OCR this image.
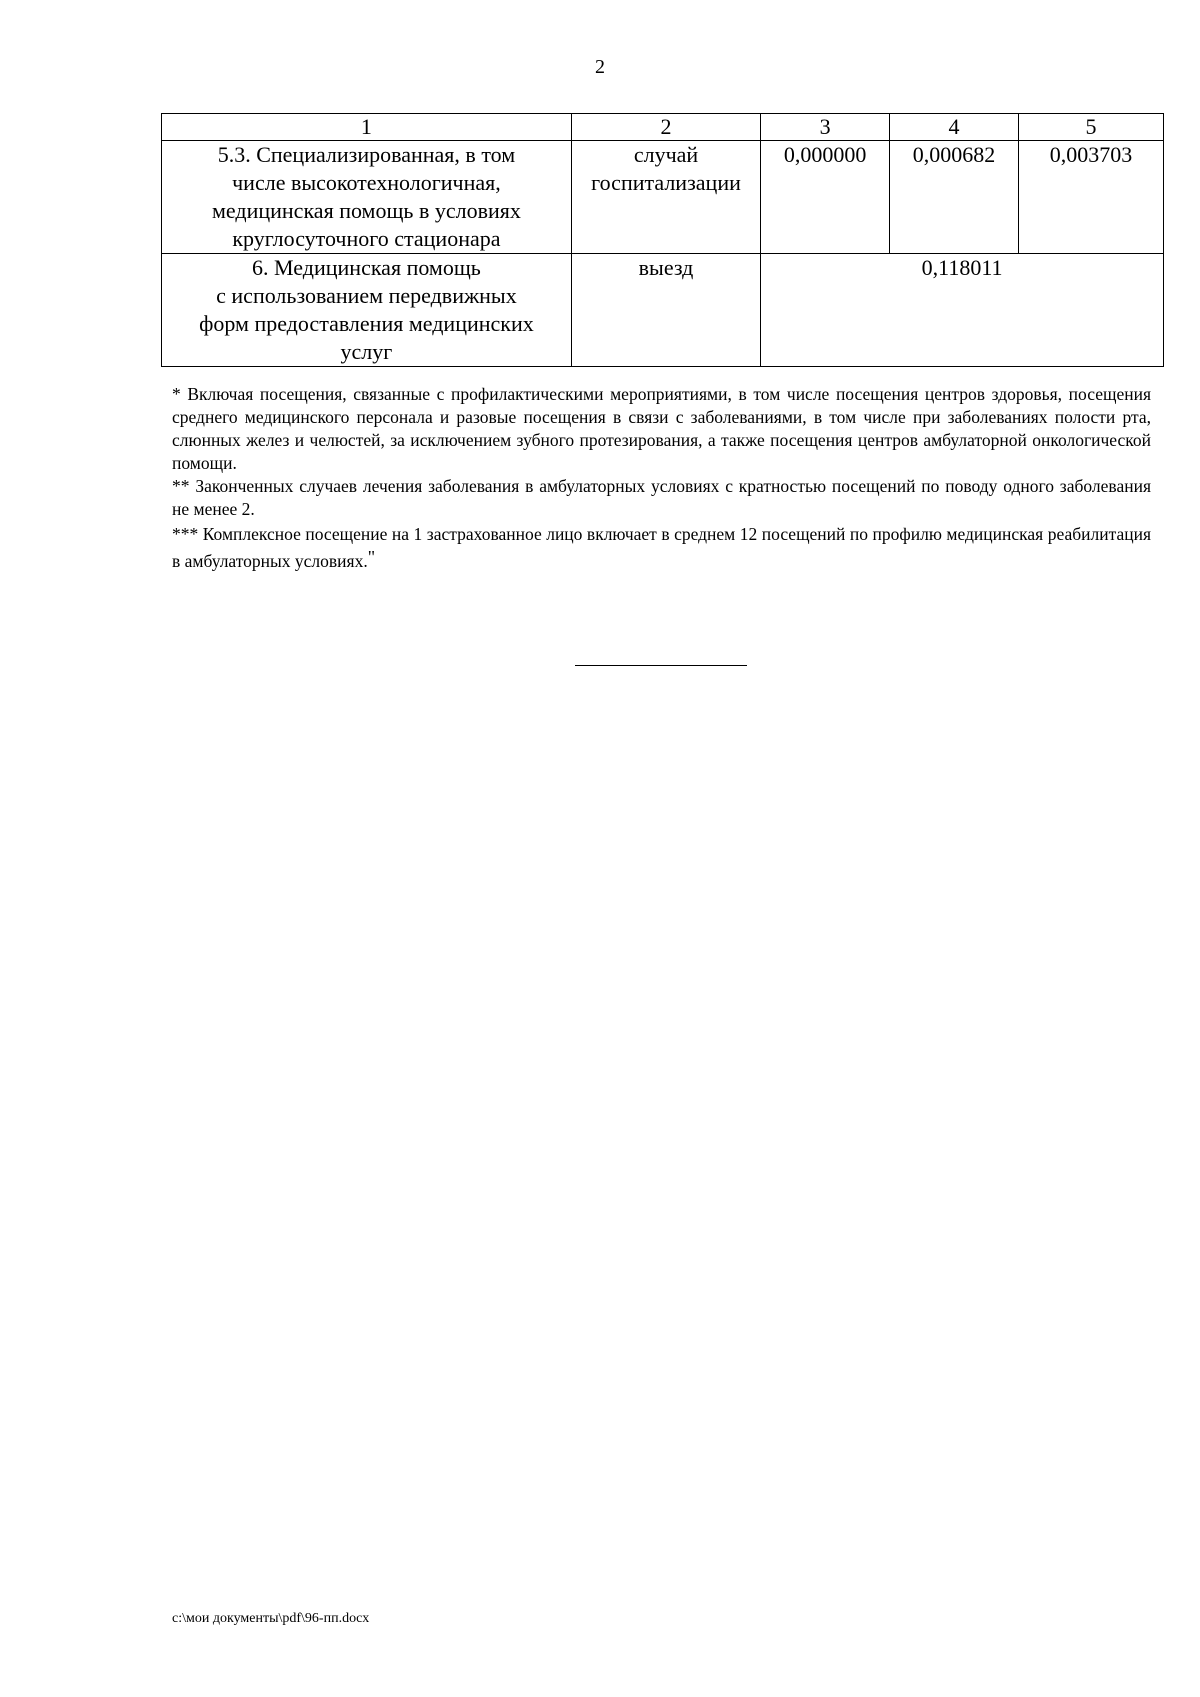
2
1	2	3	4	5
5.3. Специализированная, в том
числе высокотехнологичная,
медицинская помощь в условиях
круглосуточного стационара	случай
госпитализации	0,000000	0,000682	0,003703
6. Медицинская помощь
с использованием передвижных
форм предоставления медицинских
услуг	выезд	0,118011		

* Включая посещения, связанные с профилактическими мероприятиями, в том числе посещения центров здоровья, посещения среднего медицинского персонала и разовые посещения в связи с заболеваниями, в том числе при заболеваниях полости рта, слюнных желез и челюстей, за исключением зубного протезирования, а также посещения центров амбулаторной онкологической помощи.

** Законченных случаев лечения заболевания в амбулаторных условиях с кратностью посещений по поводу одного заболевания не менее 2.

*** Комплексное посещение на 1 застрахованное лицо включает в среднем 12 посещений по профилю медицинская реабилитация в амбулаторных условиях."

c:\мои документы\pdf\96-пп.docx
